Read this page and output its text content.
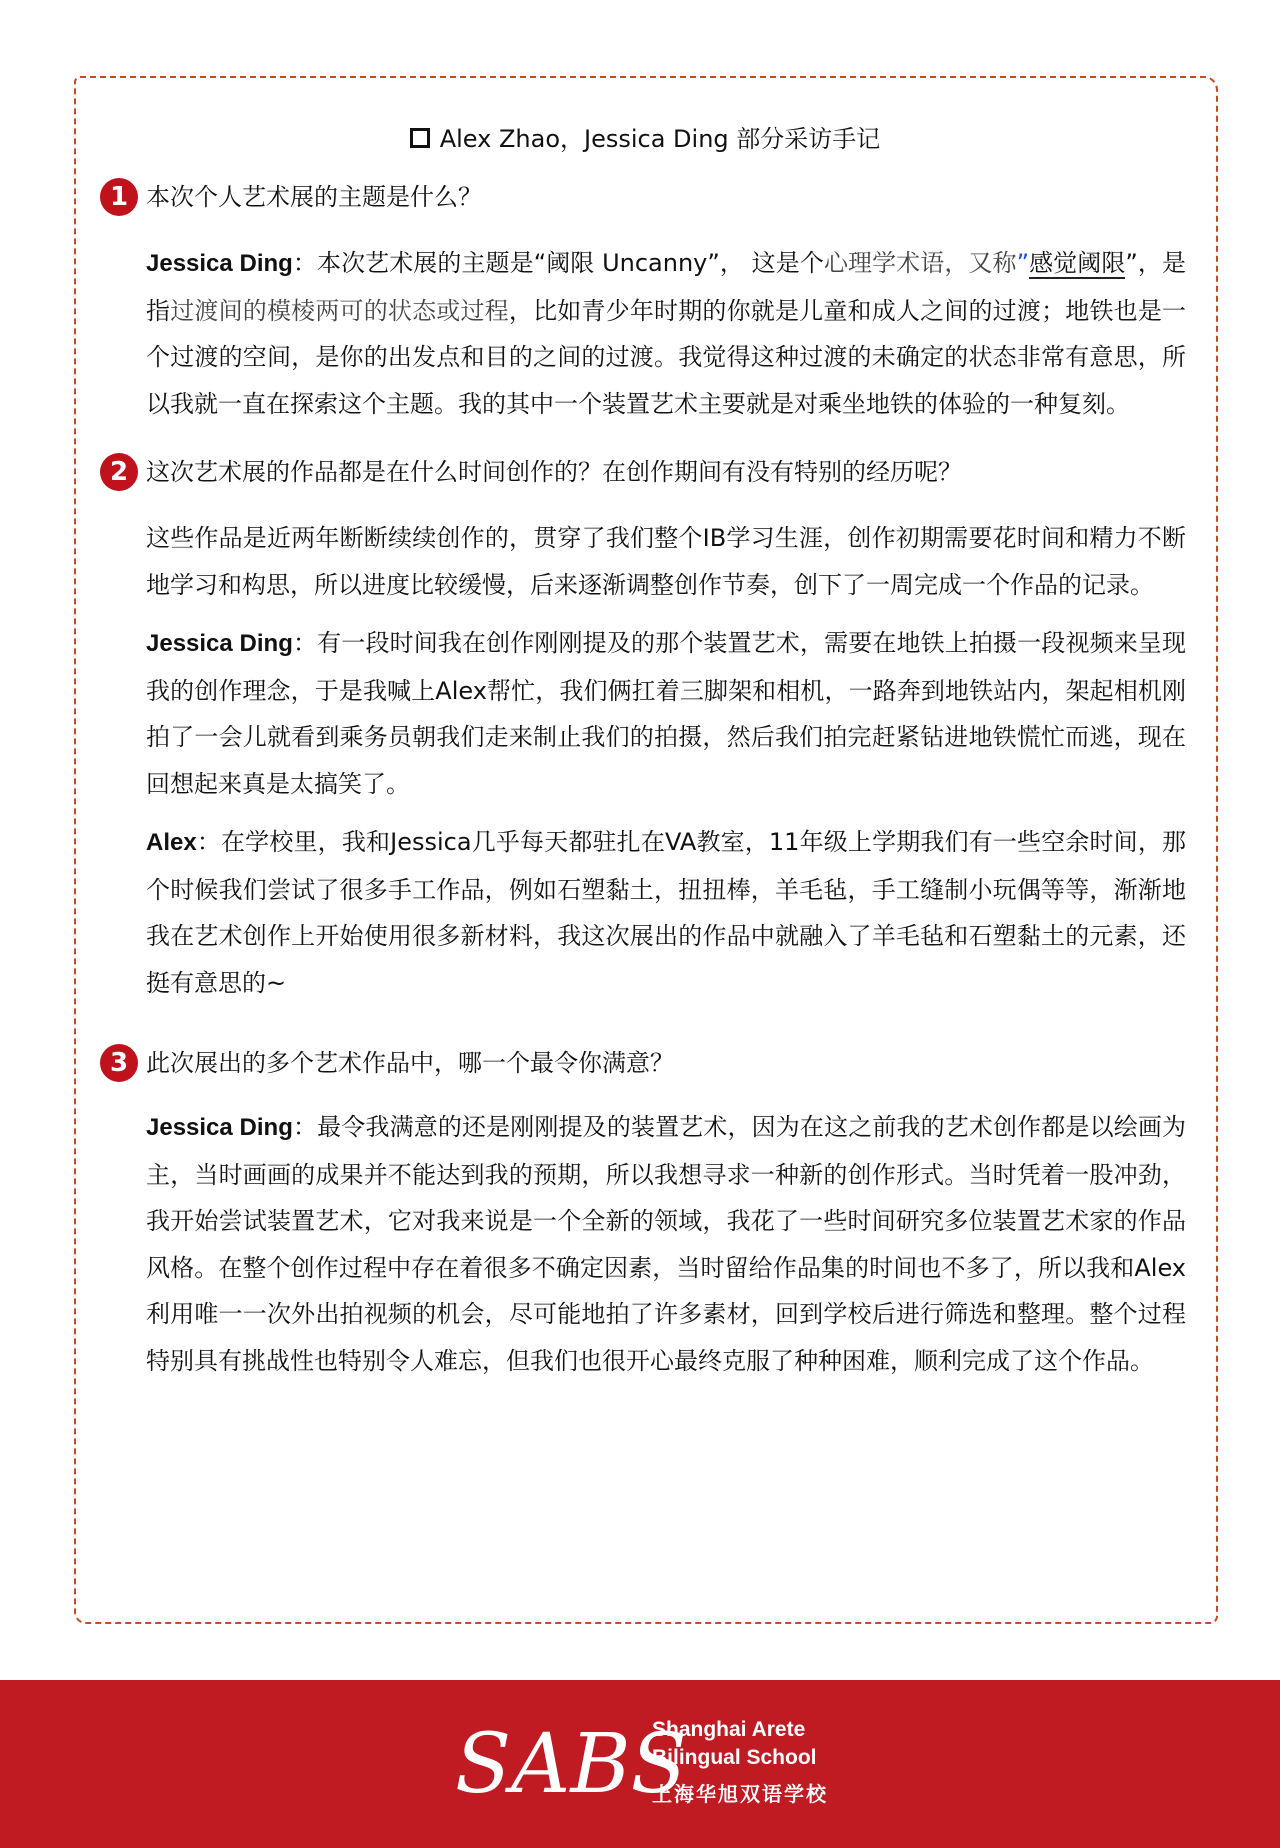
Alex Zhao，Jessica Ding 部分采访手记
1 本次个人艺术展的主题是什么？
Jessica Ding：本次艺术展的主题是“阈限 Uncanny”， 这是个心理学术语，又称”感觉阈限”，是指过渡间的模棱两可的状态或过程，比如青少年时期的你就是儿童和成人之间的过渡；地铁也是一个过渡的空间，是你的出发点和目的之间的过渡。我觉得这种过渡的未确定的状态非常有意思，所以我就一直在探索这个主题。我的其中一个装置艺术主要就是对乘坐地铁的体验的一种复刻。
2 这次艺术展的作品都是在什么时间创作的？在创作期间有没有特别的经历呢？
这些作品是近两年断断续续创作的，贯穿了我们整个IB学习生涯，创作初期需要花时间和精力不断地学习和构思，所以进度比较缓慢，后来逐渐调整创作节奏，创下了一周完成一个作品的记录。
Jessica Ding：有一段时间我在创作刚刚提及的那个装置艺术，需要在地铁上拍摄一段视频来呈现我的创作理念，于是我喊上Alex帮忙，我们俩扛着三脚架和相机，一路奔到地铁站内，架起相机刚拍了一会儿就看到乘务员朝我们走来制止我们的拍摄，然后我们拍完赶紧钻进地铁慌忙而逃，现在回想起来真是太搞笑了。
Alex：在学校里，我和Jessica几乎每天都驻扎在VA教室，11年级上学期我们有一些空余时间，那个时候我们尝试了很多手工作品，例如石塑黏土，扭扭棒，羊毛毡，手工缝制小玩偶等等，渐渐地我在艺术创作上开始使用很多新材料，我这次展出的作品中就融入了羊毛毡和石塑黏土的元素，还挺有意思的~
3 此次展出的多个艺术作品中，哪一个最令你满意？
Jessica Ding：最令我满意的还是刚刚提及的装置艺术，因为在这之前我的艺术创作都是以绘画为主，当时画画的成果并不能达到我的预期，所以我想寻求一种新的创作形式。当时凭着一股冲劲，我开始尝试装置艺术，它对我来说是一个全新的领域，我花了一些时间研究多位装置艺术家的作品风格。在整个创作过程中存在着很多不确定因素，当时留给作品集的时间也不多了，所以我和Alex利用唯一一次外出拍视频的机会，尽可能地拍了许多素材，回到学校后进行筛选和整理。整个过程特别具有挑战性也特别令人难忘，但我们也很开心最终克服了种种困难，顺利完成了这个作品。
SABS
Shanghai Arete
Bilingual School
上海华旭双语学校
